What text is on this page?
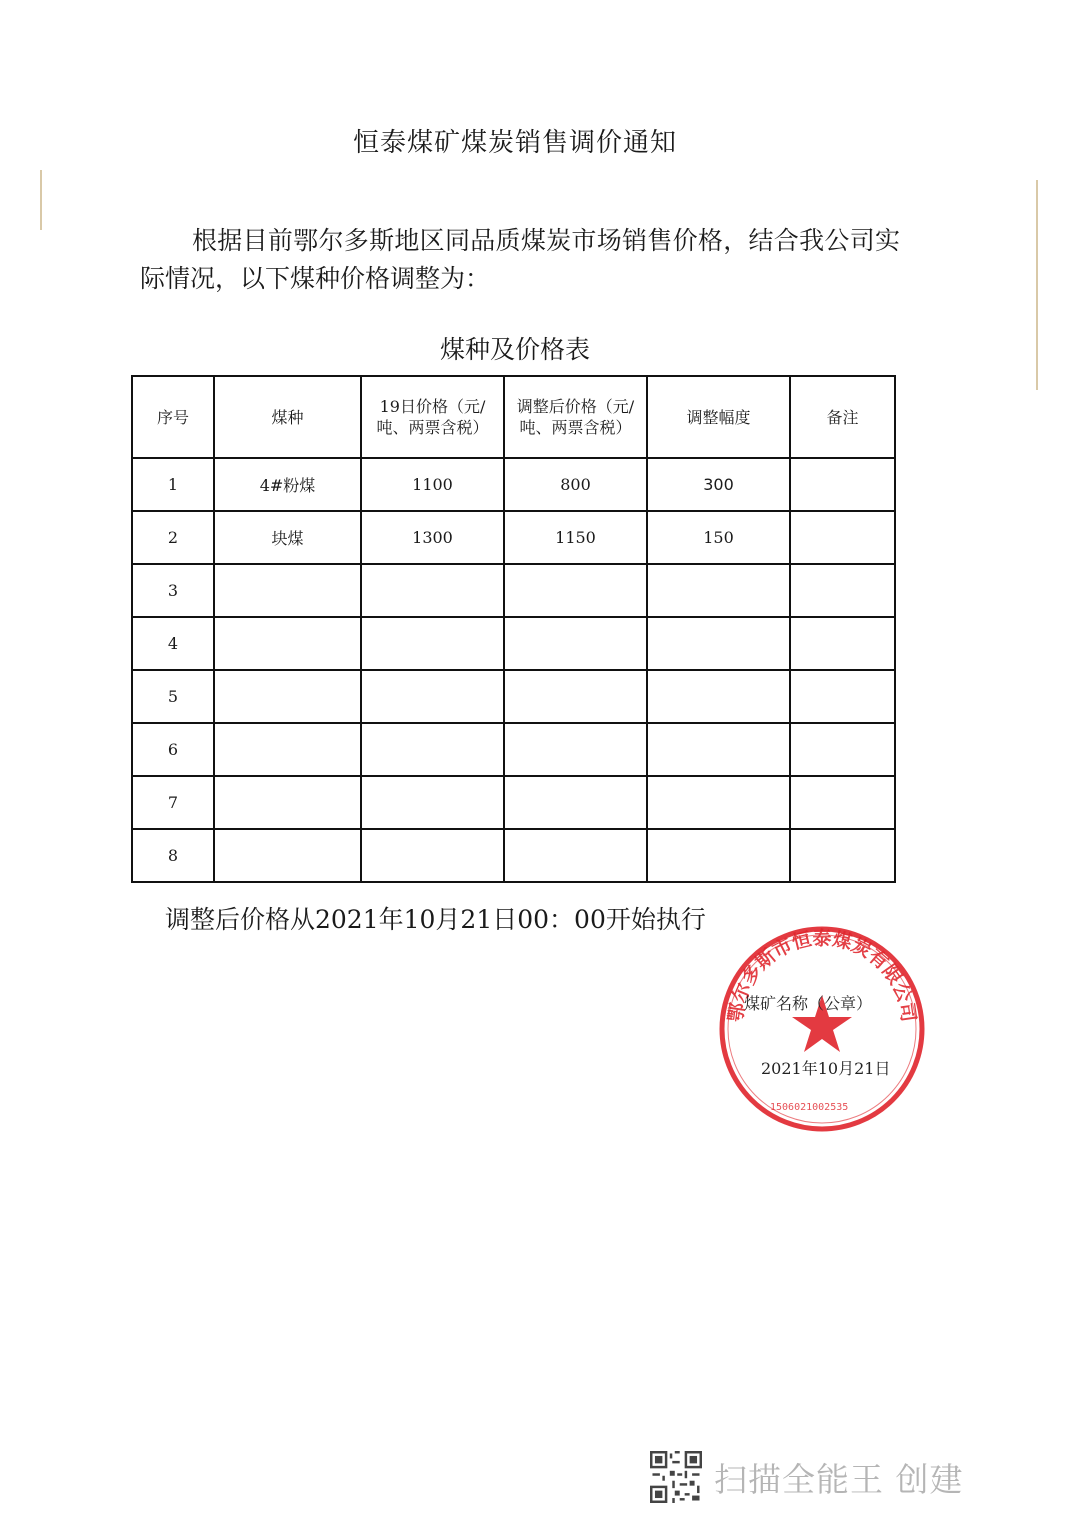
恒泰煤矿煤炭销售调价通知
根据目前鄂尔多斯地区同品质煤炭市场销售价格，结合我公司实际情况，以下煤种价格调整为：
煤种及价格表
序号	煤种	19日价格（元/吨、两票含税）	调整后价格（元/吨、两票含税）	调整幅度	备注
1	4#粉煤	1100	800	300	
2	块煤	1300	1150	150	
3					
4					
5					
6					
7					
8					
调整后价格从2021年10月21日00：00开始执行
鄂尔多斯市恒泰煤炭有限公司
1506021002535
煤矿名称（公章）
2021年10月21日
扫描全能王 创建
